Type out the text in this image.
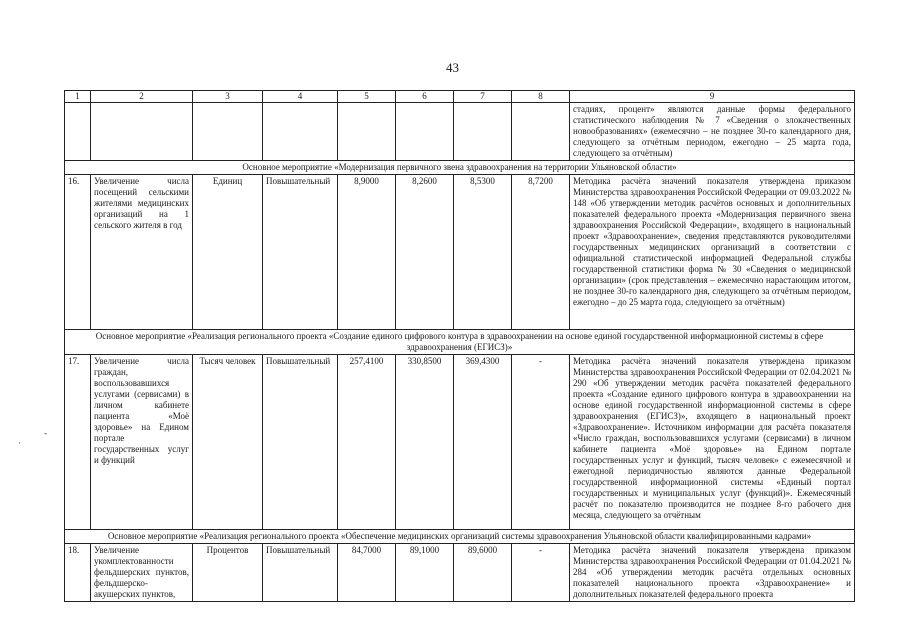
43
·
‐
1	2	3	4	5	6	7	8	9
								стадиях, процент» являются данные формы федерального статистического наблюдения № 7 «Сведения о злокачественных новообразованиях» (ежемесячно – не позднее 30-го календарного дня, следующего за отчётным периодом, ежегодно – 25 марта года, следующего за отчётным)
Основное мероприятие «Модернизация первичного звена здравоохранения на территории Ульяновской области»								
16.	Увеличение числа посещений сельскими жителями медицинских организаций на 1 сельского жителя в год	Единиц	Повышательный	8,9000	8,2600	8,5300	8,7200	Методика расчёта значений показателя утверждена приказом Министерства здравоохранения Российской Федерации от 09.03.2022 № 148 «Об утверждении методик расчётов основных и дополнительных показателей федерального проекта «Модернизация первичного звена здравоохранения Российской Федерации», входящего в национальный проект «Здравоохранение», сведения представляются руководителями государственных медицинских организаций в соответствии с официальной статистической информацией Федеральной службы государственной статистики форма № 30 «Сведения о медицинской организации» (срок представления – ежемесячно нарастающим итогом, не позднее 30-го календарного дня, следующего за отчётным периодом, ежегодно – до 25 марта года, следующего за отчётным)
Основное мероприятие «Реализация регионального проекта «Создание единого цифрового контура в здравоохранении на основе единой государственной информационной системы в сфере здравоохранения (ЕГИСЗ)»								
17.	Увеличение числа граждан, воспользовавшихся услугами (сервисами) в личном кабинете пациента «Моё здоровье» на Едином портале государственных услуг и функций	Тысяч человек	Повышательный	257,4100	330,8500	369,4300	-	Методика расчёта значений показателя утверждена приказом Министерства здравоохранения Российской Федерации от 02.04.2021 № 290 «Об утверждении методик расчёта показателей федерального проекта «Создание единого цифрового контура в здравоохранении на основе единой государственной информационной системы в сфере здравоохранения (ЕГИСЗ)», входящего в национальный проект «Здравоохранение». Источником информации для расчёта показателя «Число граждан, воспользовавшихся услугами (сервисами) в личном кабинете пациента «Моё здоровье» на Едином портале государственных услуг и функций, тысяч человек» с ежемесячной и ежегодной периодичностью являются данные Федеральной государственной информационной системы «Единый портал государственных и муниципальных услуг (функций)». Ежемесячный расчёт по показателю производится не позднее 8-го рабочего дня месяца, следующего за отчётным
Основное мероприятие «Реализация регионального проекта «Обеспечение медицинских организаций системы здравоохранения Ульяновской области квалифицированными кадрами»								
18.	Увеличение укомплектованности фельдшерских пунктов, фельдшерско-акушерских пунктов,	Процентов	Повышательный	84,7000	89,1000	89,6000	-	Методика расчёта значений показателя утверждена приказом Министерства здравоохранения Российской Федерации от 01.04.2021 № 284 «Об утверждении методик расчёта отдельных основных показателей национального проекта «Здравоохранение» и дополнительных показателей федерального проекта
